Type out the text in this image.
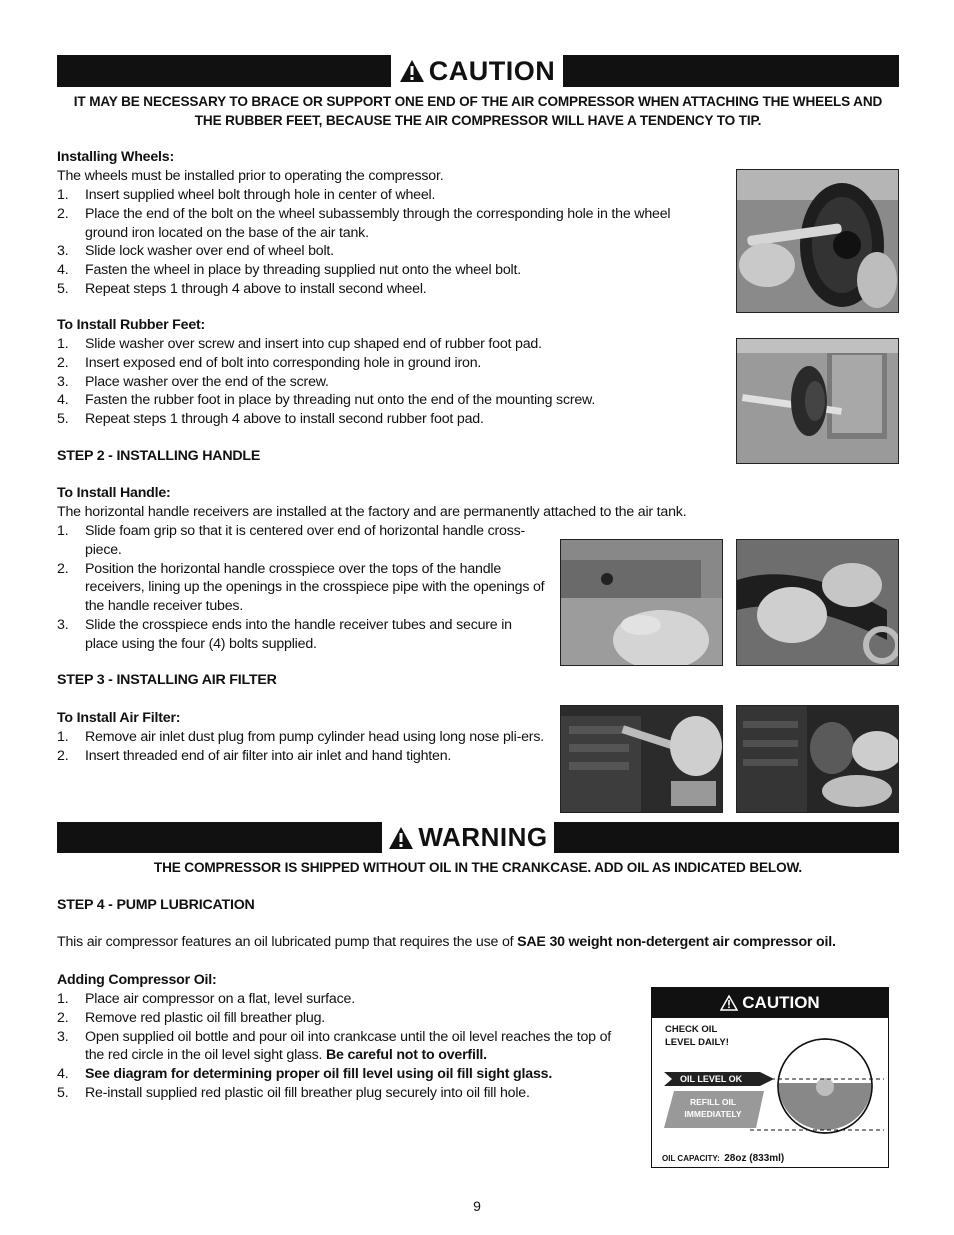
CAUTION

IT MAY BE NECESSARY TO BRACE OR SUPPORT ONE END OF THE AIR COMPRESSOR WHEN ATTACHING THE WHEELS AND THE RUBBER FEET, BECAUSE THE AIR COMPRESSOR WILL HAVE A TENDENCY TO TIP.

Installing Wheels:

The wheels must be installed prior to operating the compressor.

1.	Insert supplied wheel bolt through hole in center of wheel.
2.	Place the end of the bolt on the wheel subassembly through the corresponding hole in the wheel ground iron located on the base of the air tank.
3.	Slide lock washer over end of wheel bolt.
4.	Fasten the wheel in place by threading supplied nut onto the wheel bolt.
5.	Repeat steps 1 through 4 above to install second wheel.

To Install Rubber Feet:

1.	Slide washer over screw and insert into cup shaped end of rubber foot pad.
2.	Insert exposed end of bolt into corresponding hole in ground iron.
3.	Place washer over the end of the screw.
4.	Fasten the rubber foot in place by threading nut onto the end of the mounting screw.
5.	Repeat steps 1 through 4 above to install second rubber foot pad.

STEP 2 - INSTALLING HANDLE

To Install Handle:

The horizontal handle receivers are installed at the factory and are permanently attached to the air tank.

1.	Slide foam grip so that it is centered over end of horizontal handle cross-piece.
2.	Position the horizontal handle crosspiece over the tops of the handle receivers, lining up the openings in the crosspiece pipe with the openings of the handle receiver tubes.
3.	Slide the crosspiece ends into the handle receiver tubes and secure in place using the four (4) bolts supplied.

STEP 3 - INSTALLING AIR FILTER

To Install Air Filter:

1.	Remove air inlet dust plug from pump cylinder head using long nose pli-ers.
2.	Insert threaded end of air filter into air inlet and hand tighten.
WARNING

THE COMPRESSOR IS SHIPPED WITHOUT OIL IN THE CRANKCASE. ADD OIL AS INDICATED BELOW.

STEP 4 - PUMP LUBRICATION

This air compressor features an oil lubricated pump that requires the use of SAE 30 weight non-detergent air compressor oil.

Adding Compressor Oil:

1.	Place air compressor on a flat, level surface.
2.	Remove red plastic oil fill breather plug.
3.	Open supplied oil bottle and pour oil into crankcase until the oil level reaches the top of the red circle in the oil level sight glass. Be careful not to overfill.
4.	See diagram for determining proper oil fill level using oil fill sight glass.
5.	Re-install supplied red plastic oil fill breather plug securely into oil fill hole.
CAUTION
CHECK OIL
LEVEL DAILY!
OIL LEVEL OK
REFILL OIL
IMMEDIATELY
OIL CAPACITY: 28oz (833ml)

9
